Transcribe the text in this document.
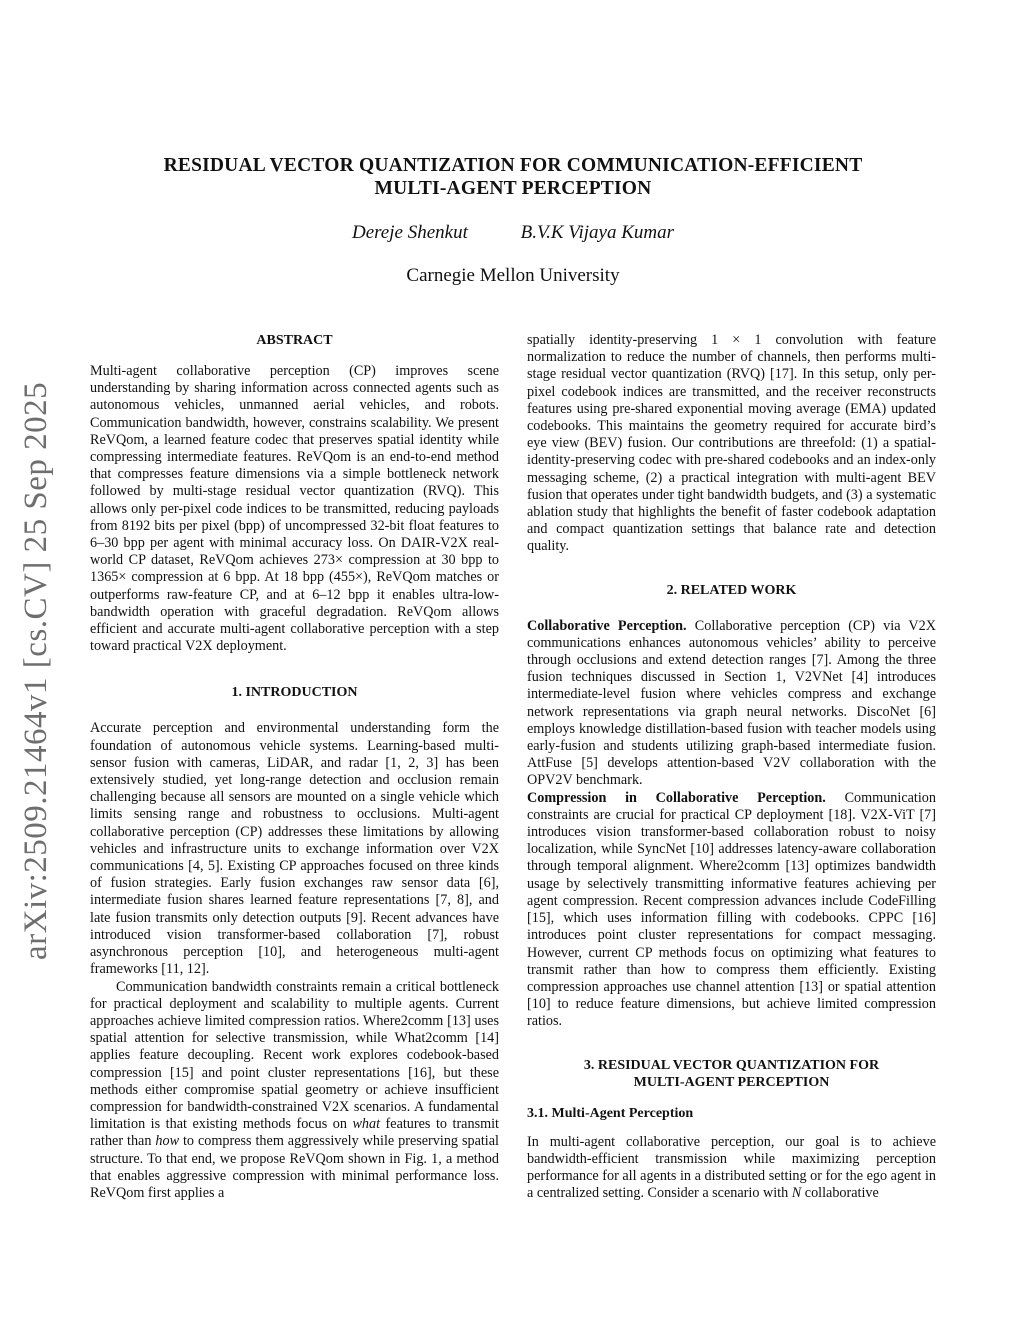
arXiv:2509.21464v1 [cs.CV] 25 Sep 2025
RESIDUAL VECTOR QUANTIZATION FOR COMMUNICATION-EFFICIENT
MULTI-AGENT PERCEPTION
Dereje Shenkut	B.V.K Vijaya Kumar
Carnegie Mellon University
ABSTRACT

Multi-agent collaborative perception (CP) improves scene understanding by sharing information across connected agents such as autonomous vehicles, unmanned aerial vehicles, and robots. Communication bandwidth, however, constrains scalability. We present ReVQom, a learned feature codec that preserves spatial identity while compressing intermediate features. ReVQom is an end-to-end method that compresses feature dimensions via a simple bottleneck network followed by multi-stage residual vector quantization (RVQ). This allows only per-pixel code indices to be transmitted, reducing payloads from 8192 bits per pixel (bpp) of uncompressed 32-bit float features to 6–30 bpp per agent with minimal accuracy loss. On DAIR-V2X real-world CP dataset, ReVQom achieves 273× compression at 30 bpp to 1365× compression at 6 bpp. At 18 bpp (455×), ReVQom matches or outperforms raw-feature CP, and at 6–12 bpp it enables ultra-low-bandwidth operation with graceful degradation. ReVQom allows efficient and accurate multi-agent collaborative perception with a step toward practical V2X deployment.

1. INTRODUCTION

Accurate perception and environmental understanding form the foundation of autonomous vehicle systems. Learning-based multi-sensor fusion with cameras, LiDAR, and radar [1, 2, 3] has been extensively studied, yet long-range detection and occlusion remain challenging because all sensors are mounted on a single vehicle which limits sensing range and robustness to occlusions. Multi-agent collaborative perception (CP) addresses these limitations by allowing vehicles and infrastructure units to exchange information over V2X communications [4, 5]. Existing CP approaches focused on three kinds of fusion strategies. Early fusion exchanges raw sensor data [6], intermediate fusion shares learned feature representations [7, 8], and late fusion transmits only detection outputs [9]. Recent advances have introduced vision transformer-based collaboration [7], robust asynchronous perception [10], and heterogeneous multi-agent frameworks [11, 12].

Communication bandwidth constraints remain a critical bottleneck for practical deployment and scalability to multiple agents. Current approaches achieve limited compression ratios. Where2comm [13] uses spatial attention for selective transmission, while What2comm [14] applies feature decoupling. Recent work explores codebook-based compression [15] and point cluster representations [16], but these methods either compromise spatial geometry or achieve insufficient compression for bandwidth-constrained V2X scenarios. A fundamental limitation is that existing methods focus on what features to transmit rather than how to compress them aggressively while preserving spatial structure. To that end, we propose ReVQom shown in Fig. 1, a method that enables aggressive compression with minimal performance loss. ReVQom first applies a

spatially identity-preserving 1 × 1 convolution with feature normalization to reduce the number of channels, then performs multi-stage residual vector quantization (RVQ) [17]. In this setup, only per-pixel codebook indices are transmitted, and the receiver reconstructs features using pre-shared exponential moving average (EMA) updated codebooks. This maintains the geometry required for accurate bird’s eye view (BEV) fusion. Our contributions are threefold: (1) a spatial-identity-preserving codec with pre-shared codebooks and an index-only messaging scheme, (2) a practical integration with multi-agent BEV fusion that operates under tight bandwidth budgets, and (3) a systematic ablation study that highlights the benefit of faster codebook adaptation and compact quantization settings that balance rate and detection quality.

2. RELATED WORK

Collaborative Perception. Collaborative perception (CP) via V2X communications enhances autonomous vehicles’ ability to perceive through occlusions and extend detection ranges [7]. Among the three fusion techniques discussed in Section 1, V2VNet [4] introduces intermediate-level fusion where vehicles compress and exchange network representations via graph neural networks. DiscoNet [6] employs knowledge distillation-based fusion with teacher models using early-fusion and students utilizing graph-based intermediate fusion. AttFuse [5] develops attention-based V2V collaboration with the OPV2V benchmark.

Compression in Collaborative Perception. Communication constraints are crucial for practical CP deployment [18]. V2X-ViT [7] introduces vision transformer-based collaboration robust to noisy localization, while SyncNet [10] addresses latency-aware collaboration through temporal alignment. Where2comm [13] optimizes bandwidth usage by selectively transmitting informative features achieving per agent compression. Recent compression advances include CodeFilling [15], which uses information filling with codebooks. CPPC [16] introduces point cluster representations for compact messaging. However, current CP methods focus on optimizing what features to transmit rather than how to compress them efficiently. Existing compression approaches use channel attention [13] or spatial attention [10] to reduce feature dimensions, but achieve limited compression ratios.

3. RESIDUAL VECTOR QUANTIZATION FOR
MULTI-AGENT PERCEPTION
3.1. Multi-Agent Perception

In multi-agent collaborative perception, our goal is to achieve bandwidth-efficient transmission while maximizing perception performance for all agents in a distributed setting or for the ego agent in a centralized setting. Consider a scenario with N collaborative
